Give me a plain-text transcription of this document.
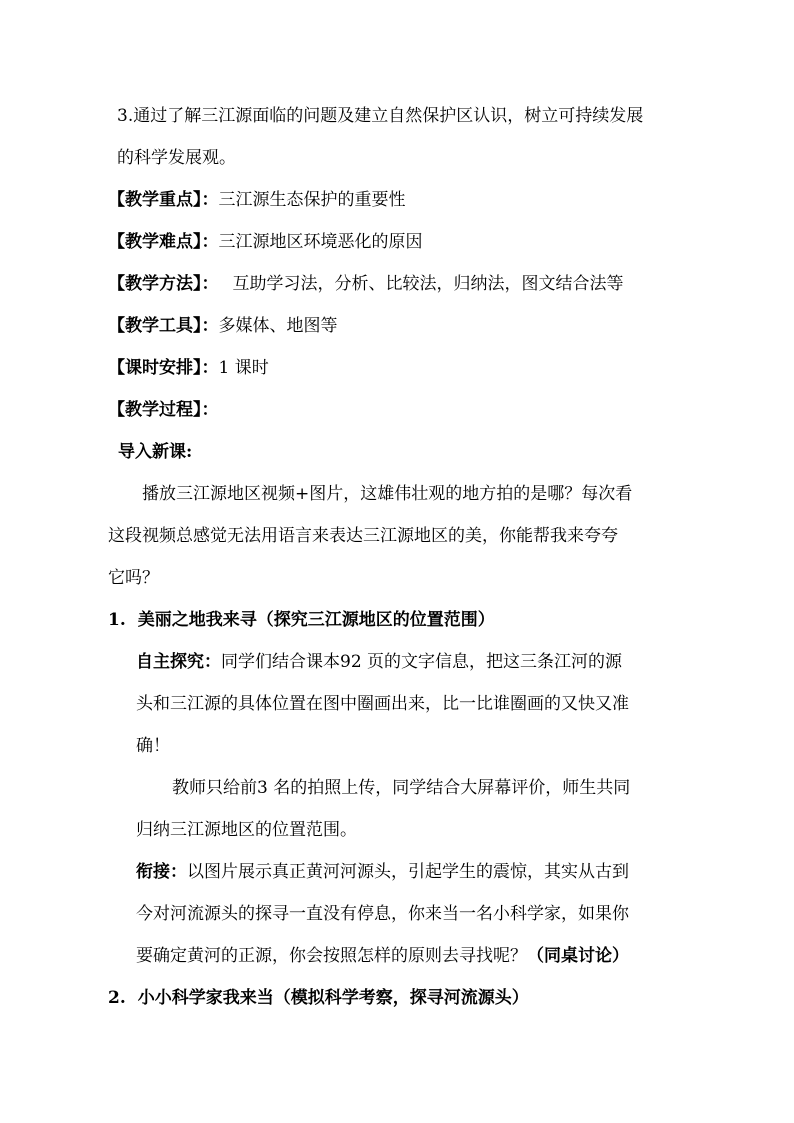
3.通过了解三江源面临的问题及建立自然保护区认识，树立可持续发展
的科学发展观。
【教学重点】：三江源生态保护的重要性
【教学难点】：三江源地区环境恶化的原因
【教学方法】： 互助学习法，分析、比较法，归纳法，图文结合法等
【教学工具】：多媒体、地图等
【课时安排】：1 课时
【教学过程】：
导入新课:
播放三江源地区视频+图片，这雄伟壮观的地方拍的是哪？每次看
这段视频总感觉无法用语言来表达三江源地区的美，你能帮我来夸夸
它吗？
1. 美丽之地我来寻（探究三江源地区的位置范围）
自主探究：同学们结合课本92 页的文字信息，把这三条江河的源
头和三江源的具体位置在图中圈画出来，比一比谁圈画的又快又准
确！
教师只给前3 名的拍照上传，同学结合大屏幕评价，师生共同
归纳三江源地区的位置范围。
衔接：以图片展示真正黄河河源头，引起学生的震惊，其实从古到
今对河流源头的探寻一直没有停息，你来当一名小科学家，如果你
要确定黄河的正源，你会按照怎样的原则去寻找呢？（同桌讨论）
2. 小小科学家我来当（模拟科学考察，探寻河流源头）
